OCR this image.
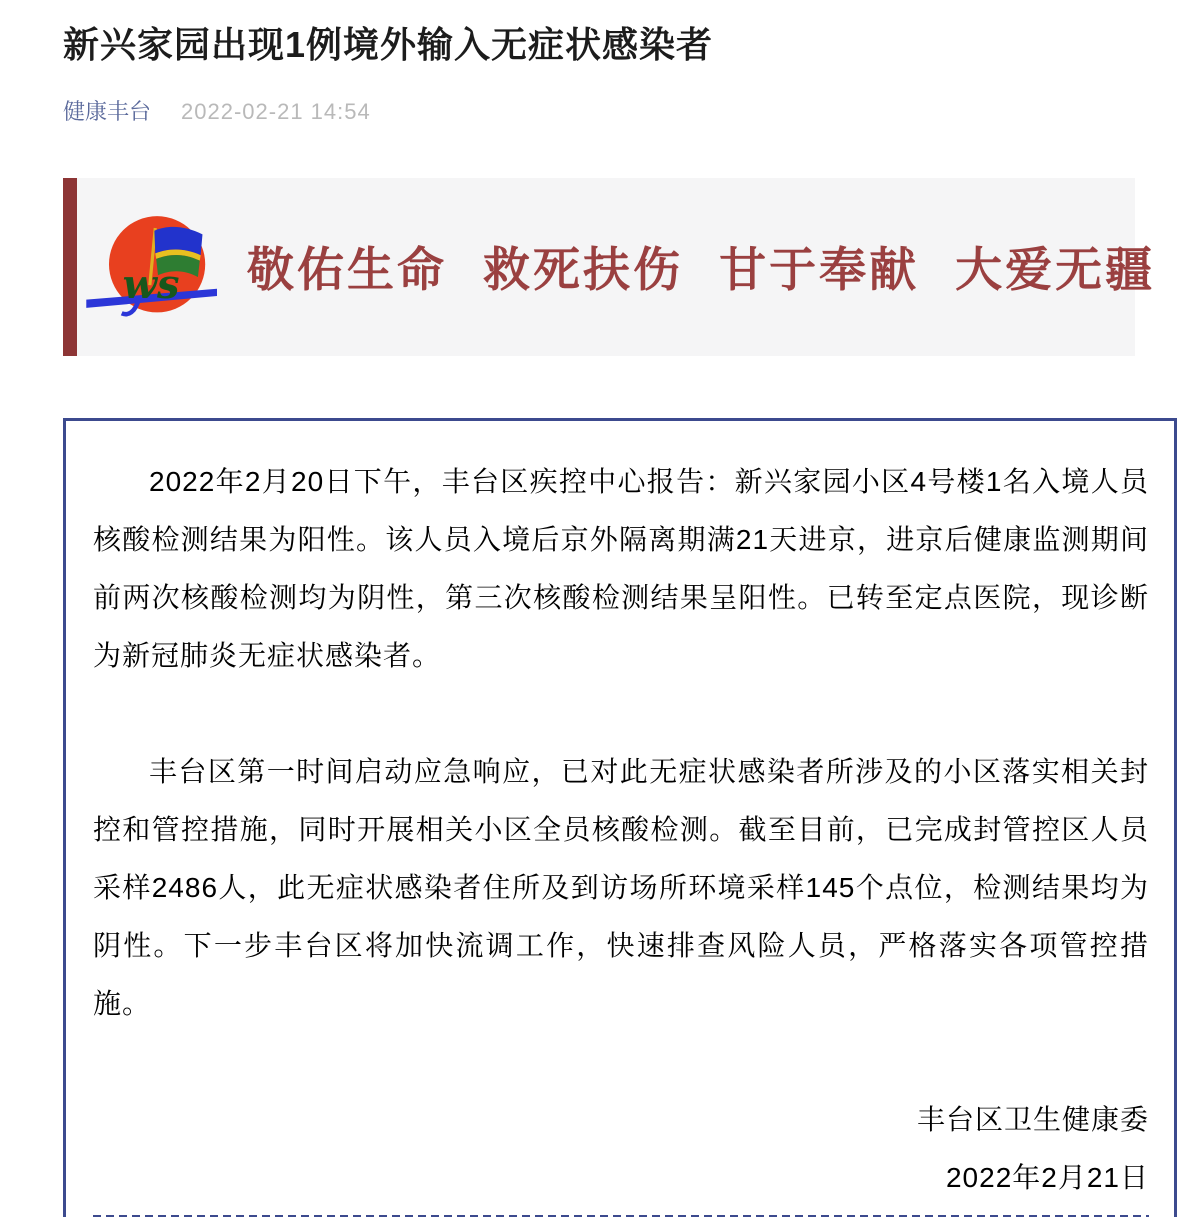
新兴家园出现1例境外输入无症状感染者
健康丰台 2022-02-21 14:54
ws 敬佑生命 救死扶伤 甘于奉献 大爱无疆

2022年2月20日下午，丰台区疾控中心报告：新兴家园小区4号楼1名入境人员核酸检测结果为阳性。该人员入境后京外隔离期满21天进京，进京后健康监测期间前两次核酸检测均为阴性，第三次核酸检测结果呈阳性。已转至定点医院，现诊断为新冠肺炎无症状感染者。

丰台区第一时间启动应急响应，已对此无症状感染者所涉及的小区落实相关封控和管控措施，同时开展相关小区全员核酸检测。截至目前，已完成封管控区人员采样2486人，此无症状感染者住所及到访场所环境采样145个点位，检测结果均为阴性。下一步丰台区将加快流调工作，快速排查风险人员，严格落实各项管控措施。

丰台区卫生健康委
2022年2月21日
